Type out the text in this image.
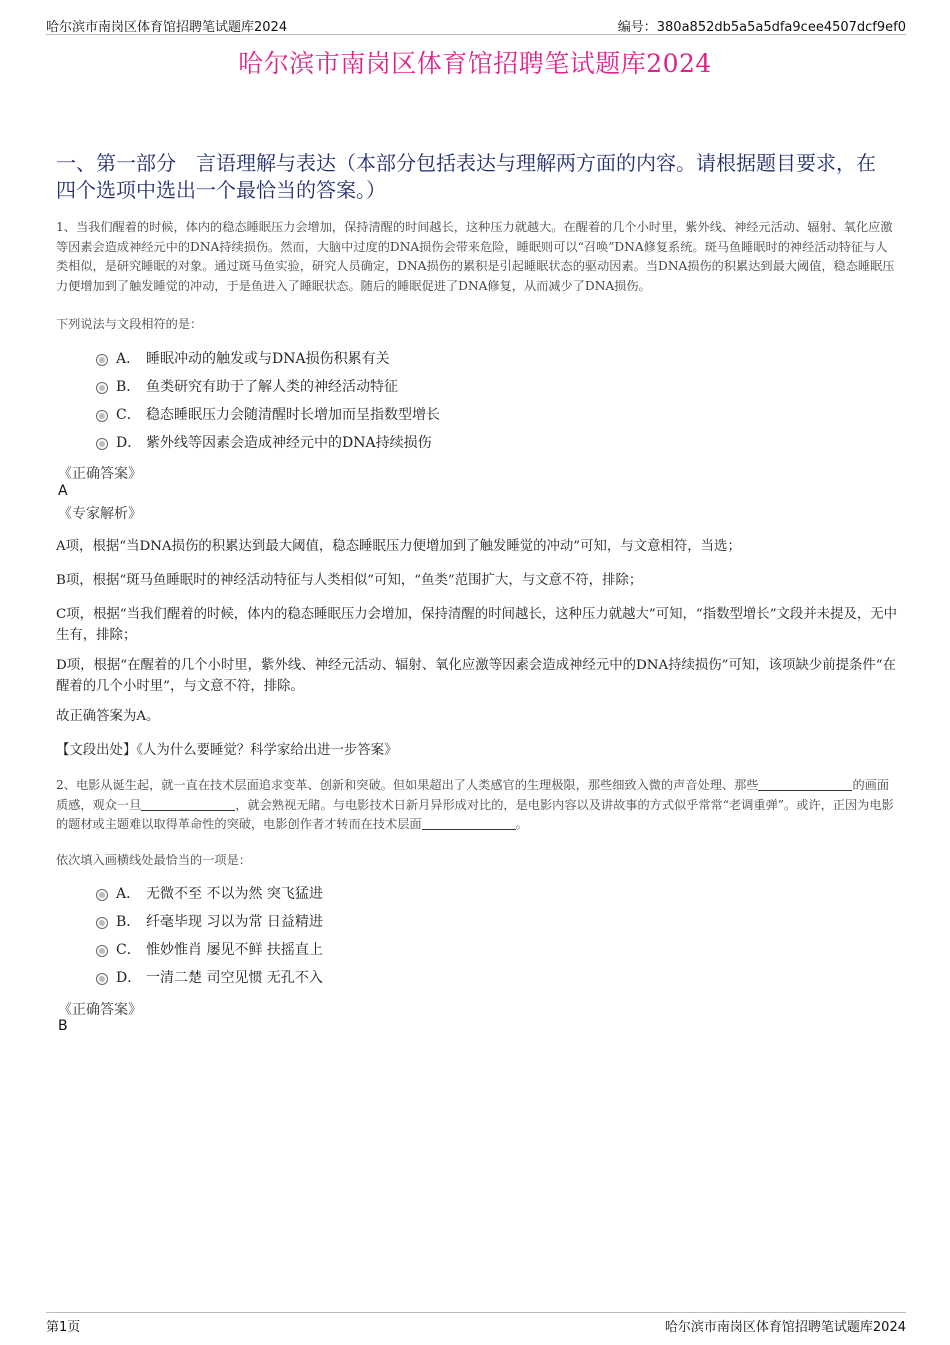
哈尔滨市南岗区体育馆招聘笔试题库2024	编号：380a852db5a5a5dfa9cee4507dcf9ef0
哈尔滨市南岗区体育馆招聘笔试题库2024
一、第一部分　言语理解与表达（本部分包括表达与理解两方面的内容。请根据题目要求，在四个选项中选出一个最恰当的答案。）
1、当我们醒着的时候，体内的稳态睡眠压力会增加，保持清醒的时间越长，这种压力就越大。在醒着的几个小时里，紫外线、神经元活动、辐射、氧化应激等因素会造成神经元中的DNA持续损伤。然而，大脑中过度的DNA损伤会带来危险，睡眠则可以“召唤”DNA修复系统。斑马鱼睡眠时的神经活动特征与人类相似，是研究睡眠的对象。通过斑马鱼实验，研究人员确定，DNA损伤的累积是引起睡眠状态的驱动因素。当DNA损伤的积累达到最大阈值，稳态睡眠压力便增加到了触发睡觉的冲动，于是鱼进入了睡眠状态。随后的睡眠促进了DNA修复，从而减少了DNA损伤。
下列说法与文段相符的是：
A． 睡眠冲动的触发或与DNA损伤积累有关
B． 鱼类研究有助于了解人类的神经活动特征
C． 稳态睡眠压力会随清醒时长增加而呈指数型增长
D． 紫外线等因素会造成神经元中的DNA持续损伤
《正确答案》
A
《专家解析》
A项，根据“当DNA损伤的积累达到最大阈值，稳态睡眠压力便增加到了触发睡觉的冲动”可知，与文意相符，当选；
B项，根据“斑马鱼睡眠时的神经活动特征与人类相似”可知，“鱼类”范围扩大，与文意不符，排除；
C项，根据“当我们醒着的时候，体内的稳态睡眠压力会增加，保持清醒的时间越长，这种压力就越大”可知，“指数型增长”文段并未提及，无中生有，排除；
D项，根据“在醒着的几个小时里，紫外线、神经元活动、辐射、氧化应激等因素会造成神经元中的DNA持续损伤”可知，该项缺少前提条件“在醒着的几个小时里”，与文意不符，排除。
故正确答案为A。
【文段出处】《人为什么要睡觉？科学家给出进一步答案》
2、电影从诞生起，就一直在技术层面追求变革、创新和突破。但如果超出了人类感官的生理极限，那些细致入微的声音处理、那些	的画面质感，观众一旦	，就会熟视无睹。与电影技术日新月异形成对比的，是电影内容以及讲故事的方式似乎常常“老调重弹”。或许，正因为电影的题材或主题难以取得革命性的突破，电影创作者才转而在技术层面	。
依次填入画横线处最恰当的一项是：
A． 无微不至 不以为然 突飞猛进
B． 纤毫毕现 习以为常 日益精进
C． 惟妙惟肖 屡见不鲜 扶摇直上
D． 一清二楚 司空见惯 无孔不入
《正确答案》
B
第1页	哈尔滨市南岗区体育馆招聘笔试题库2024
